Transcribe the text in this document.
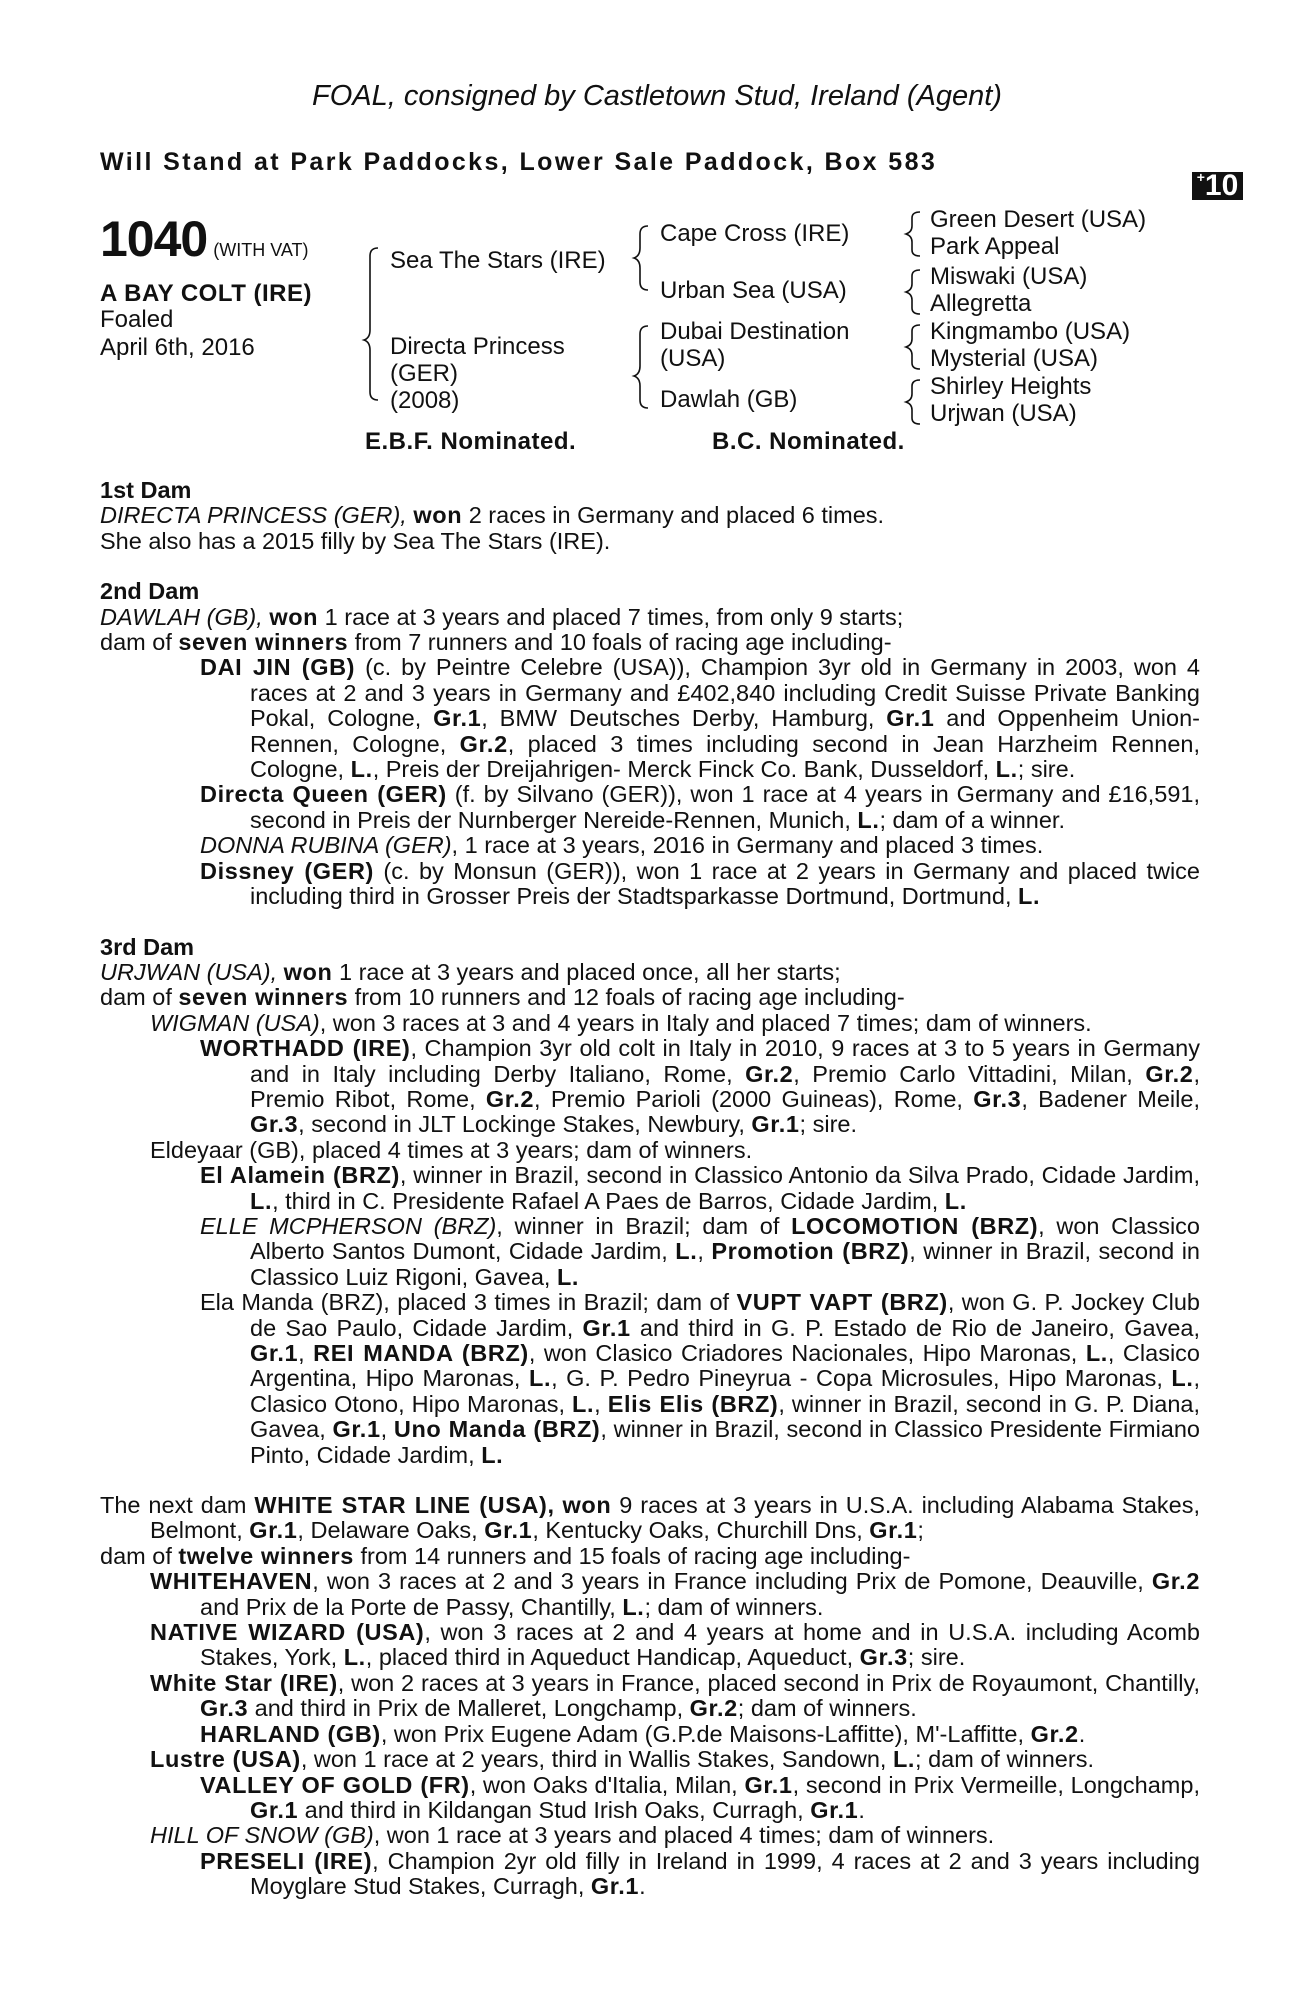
FOAL, consigned by Castletown Stud, Ireland (Agent)
Will Stand at Park Paddocks, Lower Sale Paddock, Box 583
+10
1040 (WITH VAT)
A BAY COLT (IRE)
Foaled
April 6th, 2016
Sea The Stars (IRE)
Directa Princess
(GER)
(2008)
Cape Cross (IRE)
Urban Sea (USA)
Dubai Destination
(USA)
Dawlah (GB)
Green Desert (USA)
Park Appeal
Miswaki (USA)
Allegretta
Kingmambo (USA)
Mysterial (USA)
Shirley Heights
Urjwan (USA)
E.B.F. Nominated.	B.C. Nominated.

1st Dam

DIRECTA PRINCESS (GER), won 2 races in Germany and placed 6 times.

She also has a 2015 filly by Sea The Stars (IRE).

2nd Dam

DAWLAH (GB), won 1 race at 3 years and placed 7 times, from only 9 starts;

dam of seven winners from 7 runners and 10 foals of racing age including-

DAI JIN (GB) (c. by Peintre Celebre (USA)), Champion 3yr old in Germany in 2003, won 4 races at 2 and 3 years in Germany and £402,840 including Credit Suisse Private Banking Pokal, Cologne, Gr.1, BMW Deutsches Derby, Hamburg, Gr.1 and Oppenheim Union-Rennen, Cologne, Gr.2, placed 3 times including second in Jean Harzheim Rennen, Cologne, L., Preis der Dreijahrigen- Merck Finck Co. Bank, Dusseldorf, L.; sire.

Directa Queen (GER) (f. by Silvano (GER)), won 1 race at 4 years in Germany and £16,591, second in Preis der Nurnberger Nereide-Rennen, Munich, L.; dam of a winner.

DONNA RUBINA (GER), 1 race at 3 years, 2016 in Germany and placed 3 times.

Dissney (GER) (c. by Monsun (GER)), won 1 race at 2 years in Germany and placed twice including third in Grosser Preis der Stadtsparkasse Dortmund, Dortmund, L.

3rd Dam

URJWAN (USA), won 1 race at 3 years and placed once, all her starts;

dam of seven winners from 10 runners and 12 foals of racing age including-

WIGMAN (USA), won 3 races at 3 and 4 years in Italy and placed 7 times; dam of winners.

WORTHADD (IRE), Champion 3yr old colt in Italy in 2010, 9 races at 3 to 5 years in Germany and in Italy including Derby Italiano, Rome, Gr.2, Premio Carlo Vittadini, Milan, Gr.2, Premio Ribot, Rome, Gr.2, Premio Parioli (2000 Guineas), Rome, Gr.3, Badener Meile, Gr.3, second in JLT Lockinge Stakes, Newbury, Gr.1; sire.

Eldeyaar (GB), placed 4 times at 3 years; dam of winners.

El Alamein (BRZ), winner in Brazil, second in Classico Antonio da Silva Prado, Cidade Jardim, L., third in C. Presidente Rafael A Paes de Barros, Cidade Jardim, L.

ELLE MCPHERSON (BRZ), winner in Brazil; dam of LOCOMOTION (BRZ), won Classico Alberto Santos Dumont, Cidade Jardim, L., Promotion (BRZ), winner in Brazil, second in Classico Luiz Rigoni, Gavea, L.

Ela Manda (BRZ), placed 3 times in Brazil; dam of VUPT VAPT (BRZ), won G. P. Jockey Club de Sao Paulo, Cidade Jardim, Gr.1 and third in G. P. Estado de Rio de Janeiro, Gavea, Gr.1, REI MANDA (BRZ), won Clasico Criadores Nacionales, Hipo Maronas, L., Clasico Argentina, Hipo Maronas, L., G. P. Pedro Pineyrua - Copa Microsules, Hipo Maronas, L., Clasico Otono, Hipo Maronas, L., Elis Elis (BRZ), winner in Brazil, second in G. P. Diana, Gavea, Gr.1, Uno Manda (BRZ), winner in Brazil, second in Classico Presidente Firmiano Pinto, Cidade Jardim, L.

The next dam WHITE STAR LINE (USA), won 9 races at 3 years in U.S.A. including Alabama Stakes, Belmont, Gr.1, Delaware Oaks, Gr.1, Kentucky Oaks, Churchill Dns, Gr.1;

dam of twelve winners from 14 runners and 15 foals of racing age including-

WHITEHAVEN, won 3 races at 2 and 3 years in France including Prix de Pomone, Deauville, Gr.2 and Prix de la Porte de Passy, Chantilly, L.; dam of winners.

NATIVE WIZARD (USA), won 3 races at 2 and 4 years at home and in U.S.A. including Acomb Stakes, York, L., placed third in Aqueduct Handicap, Aqueduct, Gr.3; sire.

White Star (IRE), won 2 races at 3 years in France, placed second in Prix de Royaumont, Chantilly, Gr.3 and third in Prix de Malleret, Longchamp, Gr.2; dam of winners.

HARLAND (GB), won Prix Eugene Adam (G.P.de Maisons-Laffitte), M'-Laffitte, Gr.2.

Lustre (USA), won 1 race at 2 years, third in Wallis Stakes, Sandown, L.; dam of winners.

VALLEY OF GOLD (FR), won Oaks d'Italia, Milan, Gr.1, second in Prix Vermeille, Longchamp, Gr.1 and third in Kildangan Stud Irish Oaks, Curragh, Gr.1.

HILL OF SNOW (GB), won 1 race at 3 years and placed 4 times; dam of winners.

PRESELI (IRE), Champion 2yr old filly in Ireland in 1999, 4 races at 2 and 3 years including Moyglare Stud Stakes, Curragh, Gr.1.
